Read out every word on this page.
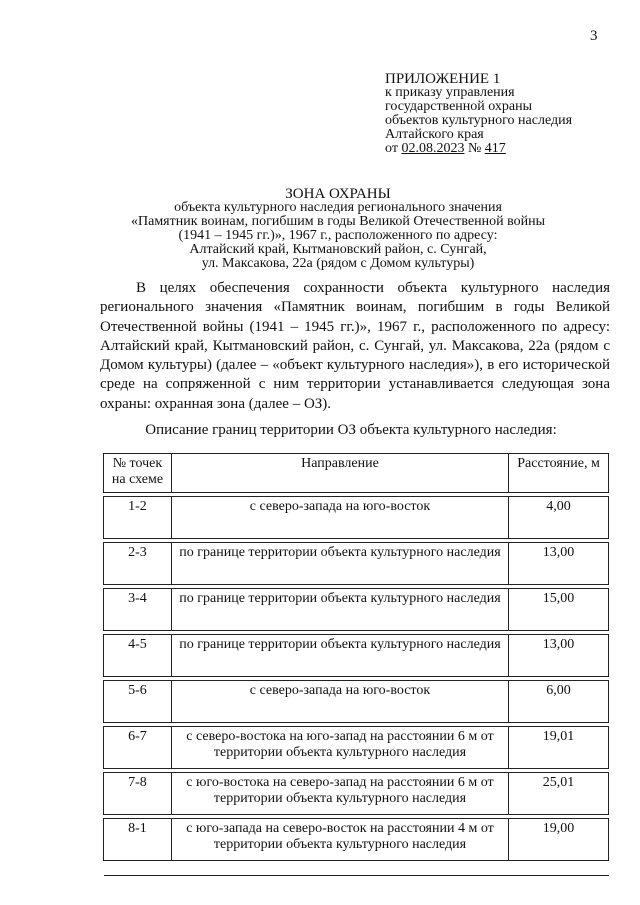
3
ПРИЛОЖЕНИЕ 1
к приказу управления
государственной охраны
объектов культурного наследия
Алтайского края
от 02.08.2023 № 417
ЗОНА ОХРАНЫ
объекта культурного наследия регионального значения
«Памятник воинам, погибшим в годы Великой Отечественной войны
(1941 – 1945 гг.)», 1967 г., расположенного по адресу:
Алтайский край, Кытмановский район, с. Сунгай,
ул. Максакова, 22а (рядом с Домом культуры)

В целях обеспечения сохранности объекта культурного наследия регионального значения «Памятник воинам, погибшим в годы Великой Отечественной войны (1941 – 1945 гг.)», 1967 г., расположенного по адресу: Алтайский край, Кытмановский район, с. Сунгай, ул. Максакова, 22а (рядом с Домом культуры) (далее – «объект культурного наследия»), в его исторической среде на сопряженной с ним территории устанавливается следующая зона охраны: охранная зона (далее – ОЗ).

Описание границ территории ОЗ объекта культурного наследия:
№ точек на схеме	Направление	Расстояние, м

1-2	с северо-запада на юго-восток	4,00

2-3	по границе территории объекта культурного наследия	13,00

3-4	по границе территории объекта культурного наследия	15,00

4-5	по границе территории объекта культурного наследия	13,00

5-6	с северо-запада на юго-восток	6,00

6-7	с северо-востока на юго-запад на расстоянии 6 м от территории объекта культурного наследия	19,01

7-8	с юго-востока на северо-запад на расстоянии 6 м от территории объекта культурного наследия	25,01

8-1	с юго-запада на северо-восток на расстоянии 4 м от территории объекта культурного наследия	19,00
